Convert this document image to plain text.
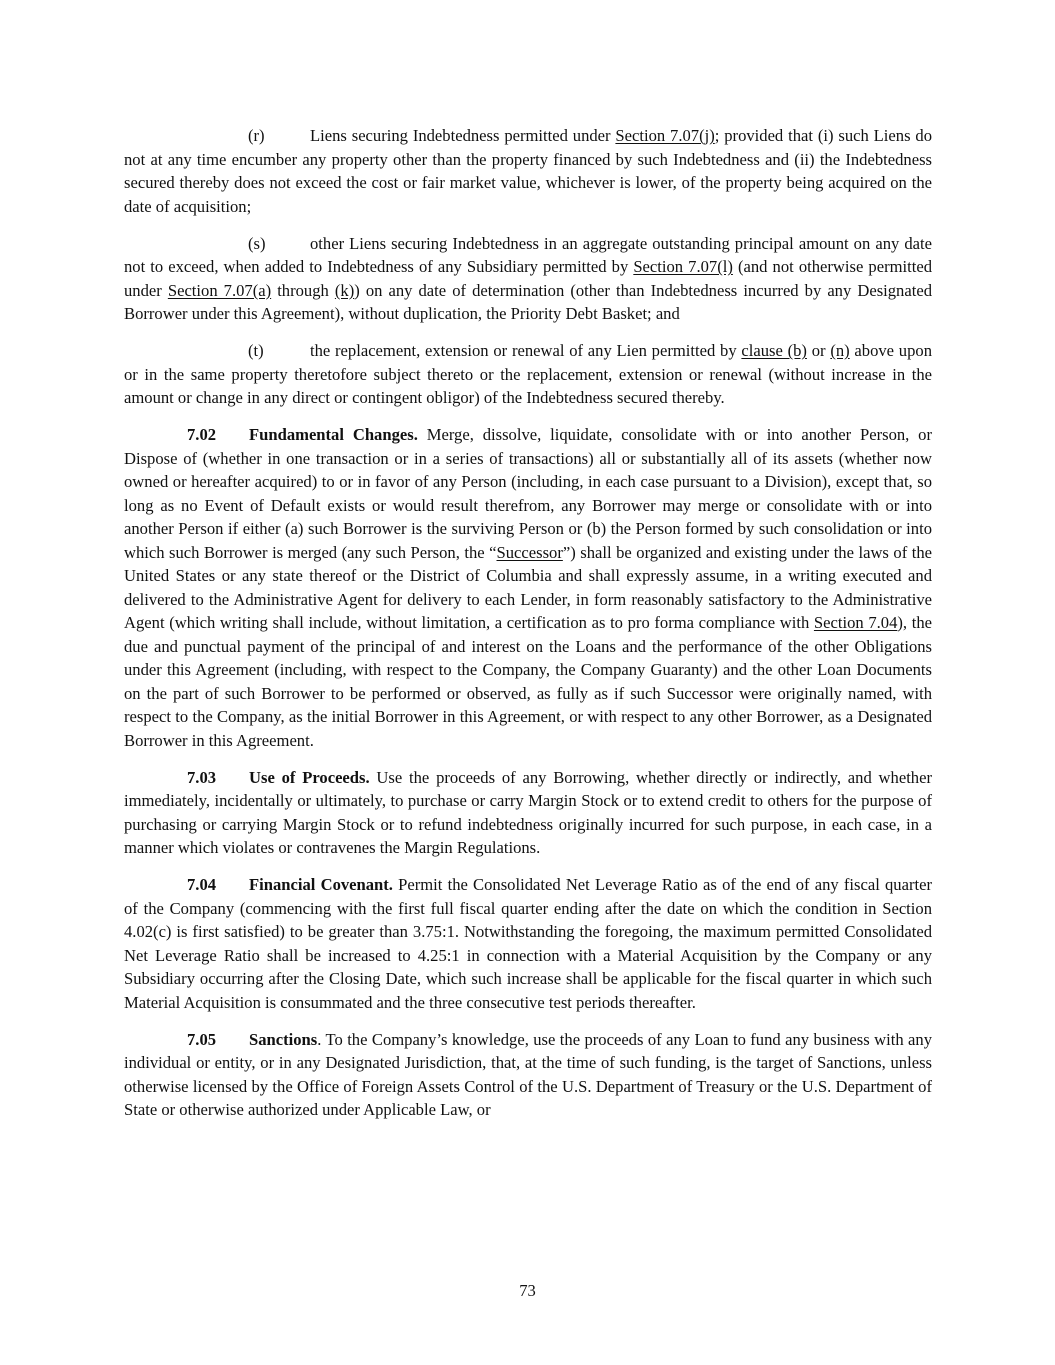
(r)	Liens securing Indebtedness permitted under Section 7.07(j); provided that (i) such Liens do not at any time encumber any property other than the property financed by such Indebtedness and (ii) the Indebtedness secured thereby does not exceed the cost or fair market value, whichever is lower, of the property being acquired on the date of acquisition;

(s)	other Liens securing Indebtedness in an aggregate outstanding principal amount on any date not to exceed, when added to Indebtedness of any Subsidiary permitted by Section 7.07(l) (and not otherwise permitted under Section 7.07(a) through (k)) on any date of determination (other than Indebtedness incurred by any Designated Borrower under this Agreement), without duplication, the Priority Debt Basket; and

(t)	the replacement, extension or renewal of any Lien permitted by clause (b) or (n) above upon or in the same property theretofore subject thereto or the replacement, extension or renewal (without increase in the amount or change in any direct or contingent obligor) of the Indebtedness secured thereby.

7.02 Fundamental Changes. Merge, dissolve, liquidate, consolidate with or into another Person, or Dispose of (whether in one transaction or in a series of transactions) all or substantially all of its assets (whether now owned or hereafter acquired) to or in favor of any Person (including, in each case pursuant to a Division), except that, so long as no Event of Default exists or would result therefrom, any Borrower may merge or consolidate with or into another Person if either (a) such Borrower is the surviving Person or (b) the Person formed by such consolidation or into which such Borrower is merged (any such Person, the “Successor”) shall be organized and existing under the laws of the United States or any state thereof or the District of Columbia and shall expressly assume, in a writing executed and delivered to the Administrative Agent for delivery to each Lender, in form reasonably satisfactory to the Administrative Agent (which writing shall include, without limitation, a certification as to pro forma compliance with Section 7.04), the due and punctual payment of the principal of and interest on the Loans and the performance of the other Obligations under this Agreement (including, with respect to the Company, the Company Guaranty) and the other Loan Documents on the part of such Borrower to be performed or observed, as fully as if such Successor were originally named, with respect to the Company, as the initial Borrower in this Agreement, or with respect to any other Borrower, as a Designated Borrower in this Agreement.

7.03 Use of Proceeds. Use the proceeds of any Borrowing, whether directly or indirectly, and whether immediately, incidentally or ultimately, to purchase or carry Margin Stock or to extend credit to others for the purpose of purchasing or carrying Margin Stock or to refund indebtedness originally incurred for such purpose, in each case, in a manner which violates or contravenes the Margin Regulations.

7.04 Financial Covenant. Permit the Consolidated Net Leverage Ratio as of the end of any fiscal quarter of the Company (commencing with the first full fiscal quarter ending after the date on which the condition in Section 4.02(c) is first satisfied) to be greater than 3.75:1. Notwithstanding the foregoing, the maximum permitted Consolidated Net Leverage Ratio shall be increased to 4.25:1 in connection with a Material Acquisition by the Company or any Subsidiary occurring after the Closing Date, which such increase shall be applicable for the fiscal quarter in which such Material Acquisition is consummated and the three consecutive test periods thereafter.

7.05 Sanctions. To the Company’s knowledge, use the proceeds of any Loan to fund any business with any individual or entity, or in any Designated Jurisdiction, that, at the time of such funding, is the target of Sanctions, unless otherwise licensed by the Office of Foreign Assets Control of the U.S. Department of Treasury or the U.S. Department of State or otherwise authorized under Applicable Law, or

73
